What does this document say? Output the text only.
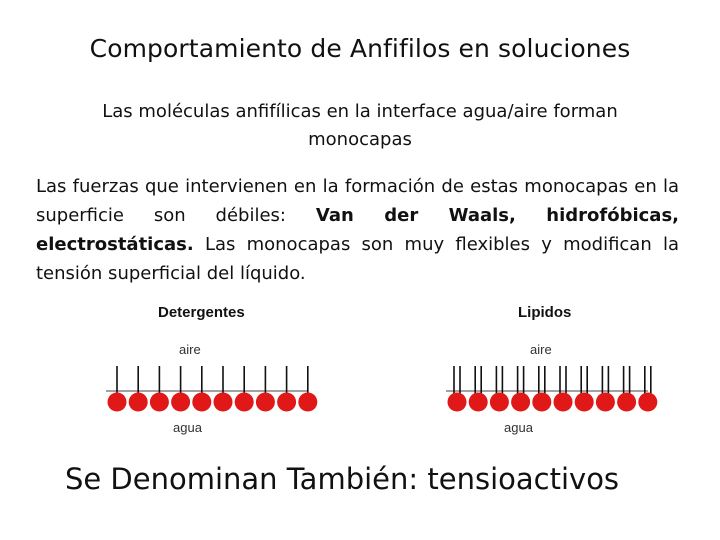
Comportamiento de Anfifilos en soluciones
Las moléculas anfifílicas en la interface agua/aire forman monocapas
Las fuerzas que intervienen en la formación de estas monocapas en la superficie son débiles: Van der Waals, hidrofóbicas, electrostáticas. Las monocapas son muy flexibles y modifican la tensión superficial del líquido.
Detergentes
aire
agua
Lipidos
aire
agua
Se Denominan También: tensioactivos
